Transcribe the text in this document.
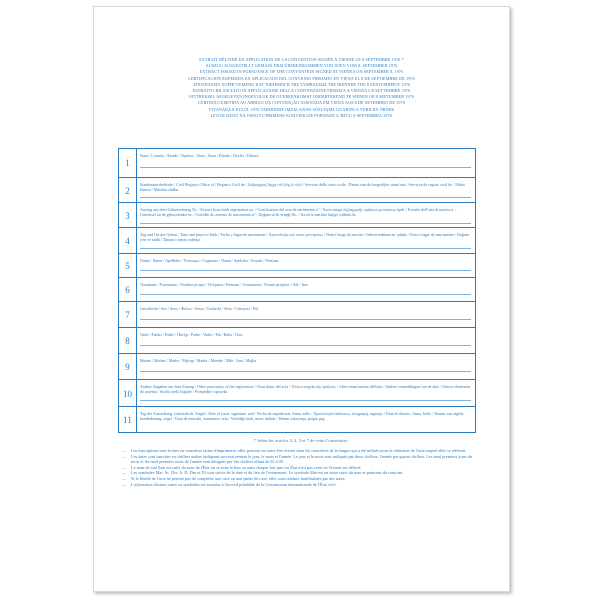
EXTRAIT DÉLIVRÉ EN APPLICATION DE LA CONVENTION SIGNÉE A VIENNE LE 8 SEPTEMBRE 1976 *
AUSZUG AUSGESTELLT GEMÄSS DEM ÜBEREINKOMMEN VON WIEN VOM 8. SEPTEMBER 1976
EXTRACT ISSUED IN PURSUANCE OF THE CONVENTION SIGNED AT VIENNA ON SEPTEMBER 8, 1976
CERTIFICACION EXPEDIDA EN APLICACION DEL CONVENIO FIRMADO EN VIENA EL 8 DE SEPTIEMBRE DE 1976
ΑΠΟΣΠΑΣΜΑ ΧΟΡΗΓΟΥΜΕΝΟ ΚΑΤ' ΕΦΑΡΜΟΓΗ ΤΗΣ ΣΥΜΒΑΣΕΩΣ ΤΗΣ ΒΙΕΝΝΗΣ ΤΗΣ 8 ΣΕΠΤΕΜΒΡΙΟΥ 1976
ESTRATTO RILASCIATO IN APPLICAZIONE DELLA CONVENZIONE FIRMATA A VIENNA L'8 SETTEMBRE 1976
UITTREKSEL AFGEGEVEN INGEVOLGE DE OVEREENKOMST ONDERTEKEND TE WENEN OP 8 SEPTEMBER 1976
CERTIDÃO EMITIDA AO ABRIGO DA CONVENÇÃO ASSINADA EM VIENA AOS 8 DE SETEMBRO DE 1976
VIYANADA 8 EYLÜL 1976 TARIHINDE IMZALANAN SÖZLEŞME UGARINCA VERILEN ÖRNEK
IZVOD IZDAT NA OSNOVU PRIMENE KONVENCIJE POPISANE U BEČU 8 SEPTEMBRA 1976
1
Staat / Country / Estado / Κράτος / Stato / Staat / Estado / Devlet / Država
2
Standesamtsbehörde / Civil Registry Office of / Registro Civil de / Ληξιαρχική Άρχή τοῦ (τῆς ἢ τῶν) / Servizio dello stato civile / Dienst van de burgerlijke stand van / Serviços do registo civil de / Nüfus Idaresi / Matična služba
3
Auszug aus dem Geburtseintrag Nr. / Extract from birth registration no. / Certificacion del acta de nacimiento nº / Ἀπόσπασμα ληξιαρχικῆς πράξεως γεννήσεως ἀριθ. / Estratto dell'atto di nascita n. / Uittreksel uit de geboorteakte nr. / Certidão do assento de nascimento nº / Doğum sicili örneği No. / Izvod iz matične knjige rođenih br.
4
Tag und Ort der Geburt / Date and place of birth / Fecha y lugar de nacimiento / Χρονολογία καὶ τόπος γεννήσεως / Data e luogo di nascita / Geboortedatum en -plaats / Data e lugar do nascimento / Doğum yeri ve tarihi / Datum i mesto rođenja
5
Name / Name / Apellidos / Ἐπώνυμο / Cognome / Naam / Apelidos / Soyadı / Prezime
6
Vornamen / Forenames / Nombre propio / Ὀνόματα / Prenomi / Voornamen / Nomes próprios / Adı / Ime
7
Geschlecht / Sex / Sexo / Φύλον / Sesso / Geslacht / Sexo / Cinsiyeti / Pol
8
Vater / Father / Padre / Πατήρ / Padre / Vader / Pai / Baba / Otac
9
Mutter / Mother / Madre / Μήτηρ / Madre / Moeder / Mãe / Ana / Majka
10
Andere Angaben aus dem Eintrag / Other particulars of the registration / Otras datos del acta / Ἄλλα στοιχεῖα τῆς πράξεως / Altre enunciazioni dell'atto / Andere vermeldingen van de akte / Outros elementos do assento / Sicilin öteki bilgiler / Primjedbe i upravka
11
Tag der Ausstellung, Unterschrift, Siegel / Date of issue, signature, seal / Fecha de expedicion, firma, sello / Χρονολογία ἐκδόσεως, ὑπογραφή, σφραγίς / Data di rilascio, firma, bollo / Datum van afgifte, handtekening, zegel / Data de emissão, assinatura, selo / Verildiği tarih, imza, mühür / Datum izdavanja, potpis, pig
* Selon les articles 3, 4, 5 et 7 de cette Convention :
— Les inscriptions sont écrites en caractères latins d'imprimerie; elles peuvent en outre être écrites dans les caractères de la langue qui a été utilisée pour la rédaction de l'acte auquel elles se réfèrent.
— Les dates sont inscrites en chiffres arabes indiquant successivement le jour, le mois et l'année. Le jour et le mois sont indiqués par deux chiffres, l'année par quatre chiffres. Les neuf premiers jours du mois et les neuf premiers mois de l'année sont désignés par des chiffres allant de 01 à 09.
— Le nom de tout Etat est suivi du nom de l'État où se situe le lieu ou ainsi chaque fois que cet État n'est pas celui où l'extrait est délivré.
— Les symboles Mar. Sc. Div. A. D. Dm et Df sont suivis de la date et du lieu de l'événement. Le symbole Mar est en outre suivi du nom et prénoms du conjoint.
— Si le libellé de l'acte ne permet pas de compléter une case ou une partie de case, elles sont rendues inutilisables par des traits.
— L'adjonction d'autres cases ou symboles est soumise à l'accord préalable de la Commission internationale de l'État civil.
